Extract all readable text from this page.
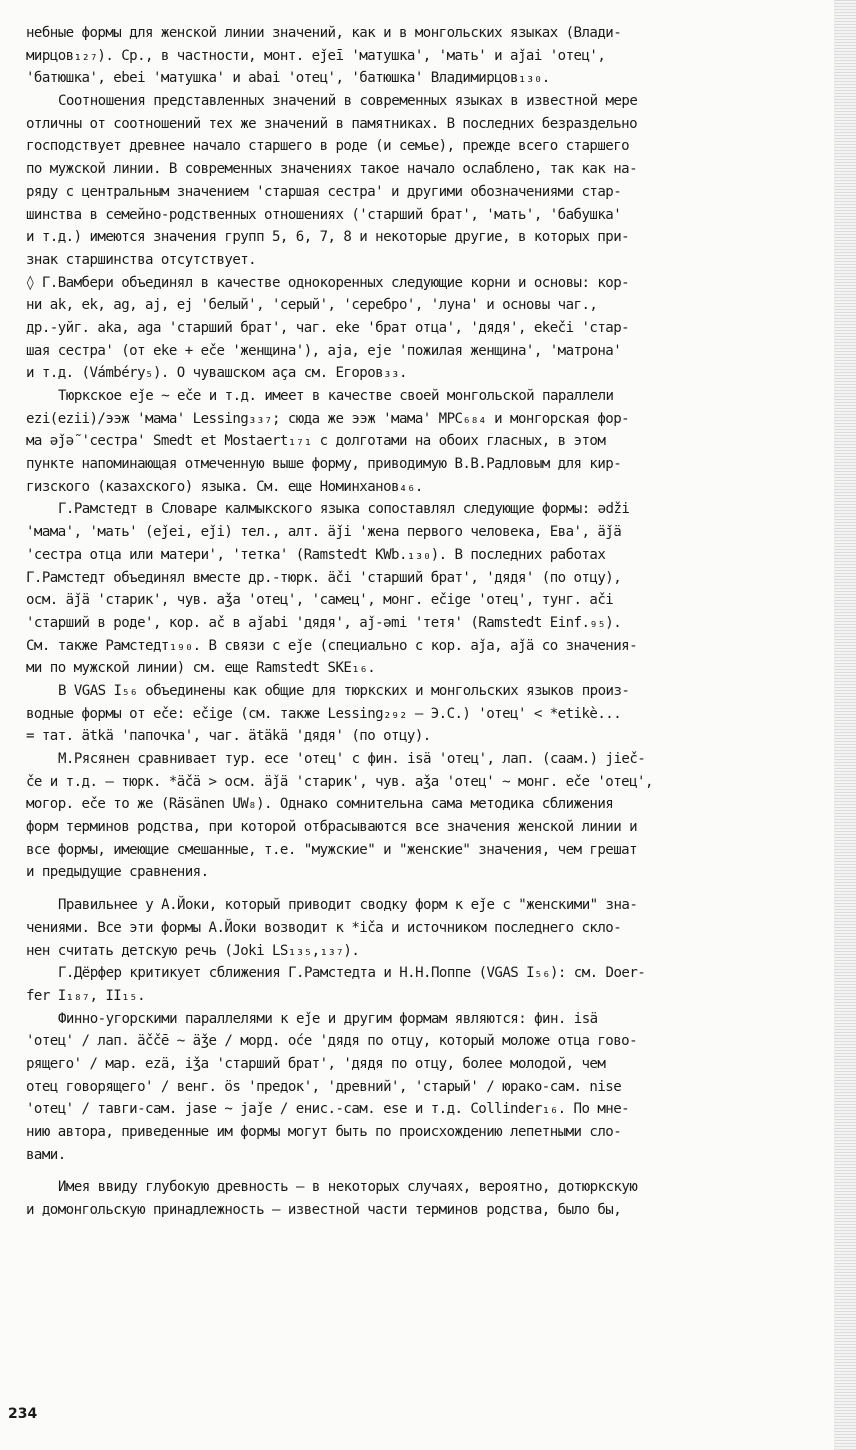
небные формы для женской линии значений, как и в монгольских языках (Влади-
мирцов₁₂₇). Ср., в частности, монт. eǰeī 'матушка', 'мать' и aǰai 'отец',
'батюшка', ebei 'матушка' и abai 'отец', 'батюшка' Владимирцов₁₃₀.
Соотношения представленных значений в современных языках в известной мере
отличны от соотношений тех же значений в памятниках. В последних безраздельно
господствует древнее начало старшего в роде (и семье), прежде всего старшего
по мужской линии. В современных значениях такое начало ослаблено, так как на-
ряду с центральным значением 'старшая сестра' и другими обозначениями стар-
шинства в семейно-родственных отношениях ('старший брат', 'мать', 'бабушка'
и т.д.) имеются значения групп 5, 6, 7, 8 и некоторые другие, в которых при-
знак старшинства отсутствует.
◊ Г.Вамбери объединял в качестве однокоренных следующие корни и основы: кор-
ни ak, ek, ag, aj, ej 'белый', 'серый', 'серебро', 'луна' и основы чаг.,
др.-уйг. aka, aga 'старший брат', чаг. eke 'брат отца', 'дядя', ekeči 'стар-
шая сестра' (от eke + eče 'женщина'), aja, eje 'пожилая женщина', 'матрона'
и т.д. (Vámbéry₅). О чувашском аҫа см. Егоров₃₃.
Тюркское eǰe ~ eče и т.д. имеет в качестве своей монгольской параллели
ezi(ezii)/ээж 'мама' Lessing₃₃₇; сюда же ээж 'мама' МРС₆₈₄ и монгорская фор-
ма ǝǰǝ̃ 'сестра' Smedt et Mostaert₁₇₁ с долготами на обоих гласных, в этом
пункте напоминающая отмеченную выше форму, приводимую В.В.Радловым для кир-
гизского (казахского) языка. См. еще Номинханов₄₆.
Г.Рамстедт в Словаре калмыкского языка сопоставлял следующие формы: ǝdži
'мама', 'мать' (eǰei, eǰi) тел., алт. äǰi 'жена первого человека, Ева', äǰä
'сестра отца или матери', 'тетка' (Ramstedt KWb.₁₃₀). В последних работах
Г.Рамстедт объединял вместе др.-тюрк. äči 'старший брат', 'дядя' (по отцу),
осм. äǰä 'старик', чув. aǯa 'отец', 'самец', монг. ečige 'отец', тунг. ači
'старший в роде', кор. ač в aǰabi 'дядя', aǰ-əmi 'тетя' (Ramstedt Einf.₉₅).
См. также Рамстедт₁₉₀. В связи с eǰe (специально с кор. aǰa, aǰä со значения-
ми по мужской линии) см. еще Ramstedt SKE₁₆.
В VGAS I₅₆ объединены как общие для тюркских и монгольских языков произ-
водные формы от eče: ečige (см. также Lessing₂₉₂ – Э.С.) 'отец' < *etikè...
= тат. ätkä 'папочка', чаг. ätäkä 'дядя' (по отцу).
М.Рясянен сравнивает тур. ece 'отец' с фин. isä 'отец', лап. (саам.) jieč-
če и т.д. – тюрк. *äčä > осм. äǰä 'старик', чув. aǯa 'отец' ~ монг. eče 'отец',
могор. eče то же (Räsänen UW₈). Однако сомнительна сама методика сближения
форм терминов родства, при которой отбрасываются все значения женской линии и
все формы, имеющие смешанные, т.е. "мужские" и "женские" значения, чем грешат
и предыдущие сравнения.
Правильнее у А.Йоки, который приводит сводку форм к eǰe с "женскими" зна-
чениями. Все эти формы А.Йоки возводит к *iča и источником последнего скло-
нен считать детскую речь (Joki LS₁₃₅,₁₃₇).
Г.Дёрфер критикует сближения Г.Рамстедта и Н.Н.Поппе (VGAS I₅₆): см. Doer-
fer I₁₈₇, II₁₅.
Финно-угорскими параллелями к eǰe и другим формам являются: фин. isä
'отец' / лап. äččē ~ äǯe / морд. oće 'дядя по отцу, который моложе отца гово-
рящего' / мар. ezä, iǯa 'старший брат', 'дядя по отцу, более молодой, чем
отец говорящего' / венг. ös 'предок', 'древний', 'старый' / юрако-сам. nise
'отец' / тавги-сам. jase ~ jaǰe / енис.-сам. ese и т.д. Collinder₁₆. По мне-
нию автора, приведенные им формы могут быть по происхождению лепетными сло-
вами.
Имея ввиду глубокую древность – в некоторых случаях, вероятно, дотюркскую
и домонгольскую принадлежность – известной части терминов родства, было бы,
234
